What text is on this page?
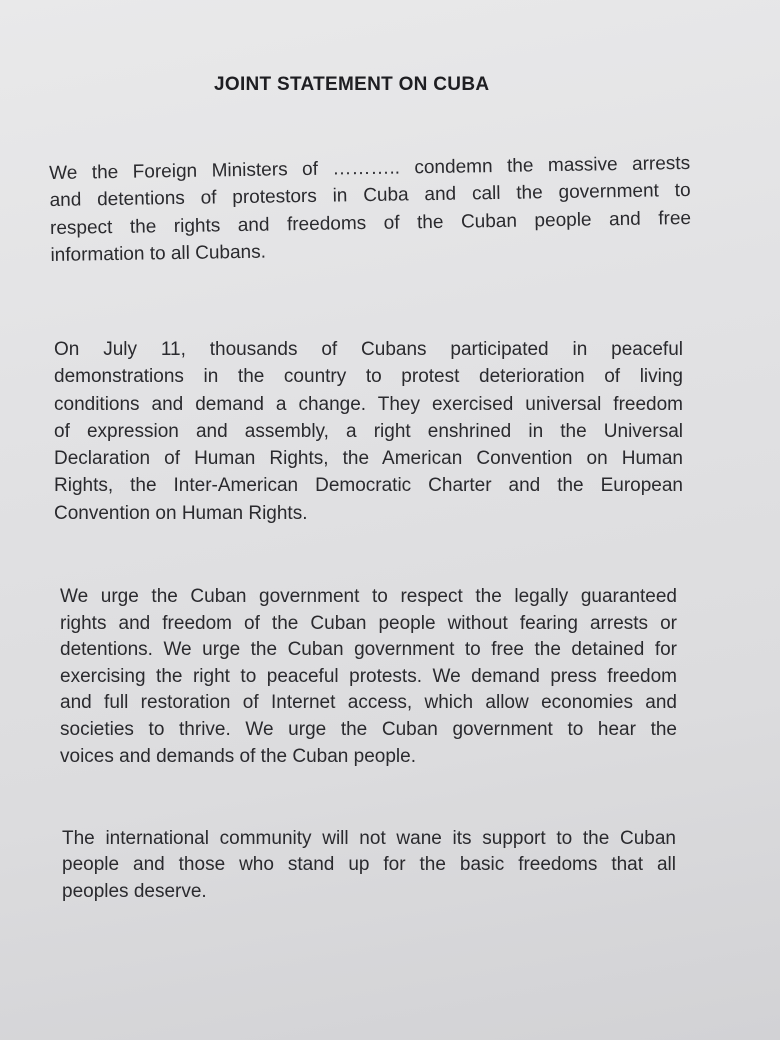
JOINT STATEMENT ON CUBA
We the Foreign Ministers of ……….. condemn the massive arrests
and detentions of protestors in Cuba and call the government to
respect the rights and freedoms of the Cuban people and free
information to all Cubans.
On July 11, thousands of Cubans participated in peaceful
demonstrations in the country to protest deterioration of living
conditions and demand a change. They exercised universal freedom
of expression and assembly, a right enshrined in the Universal
Declaration of Human Rights, the American Convention on Human
Rights, the Inter-American Democratic Charter and the European
Convention on Human Rights.
We urge the Cuban government to respect the legally guaranteed
rights and freedom of the Cuban people without fearing arrests or
detentions. We urge the Cuban government to free the detained for
exercising the right to peaceful protests. We demand press freedom
and full restoration of Internet access, which allow economies and
societies to thrive. We urge the Cuban government to hear the
voices and demands of the Cuban people.
The international community will not wane its support to the Cuban
people and those who stand up for the basic freedoms that all
peoples deserve.
